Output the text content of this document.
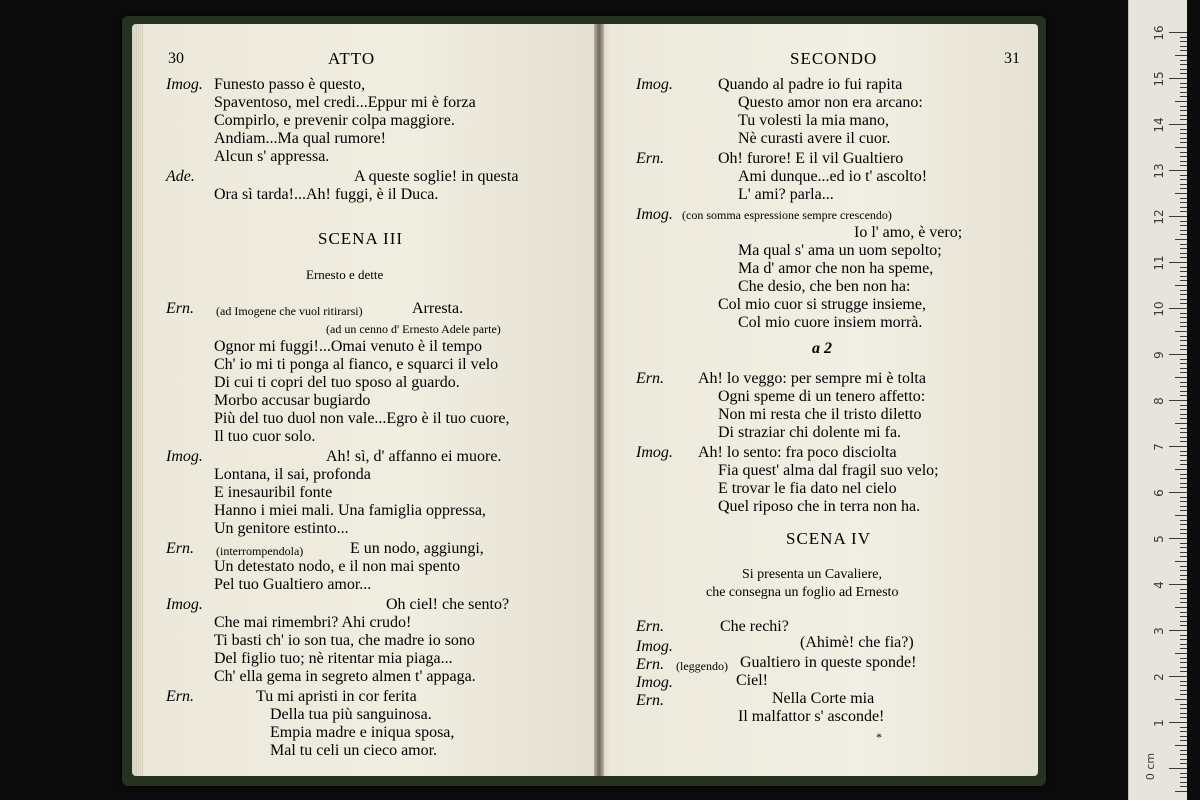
30	ATTO
Imog. Funesto passo è questo,
Spaventoso, mel credi...Eppur mi è forza
Compirlo, e prevenir colpa maggiore.
Andiam...Ma qual rumore!
Alcun s' appressa.
Ade.	A queste soglie! in questa
Ora sì tarda!...Ah! fuggi, è il Duca.
SCENA III
Ernesto e dette
Ern. (ad Imogene che vuol ritirarsi)	Arresta.
(ad un cenno d' Ernesto Adele parte)
Ognor mi fuggi!...Omai venuto è il tempo
Ch' io mi ti ponga al fianco, e squarci il velo
Di cui ti copri del tuo sposo al guardo.
Morbo accusar bugiardo
Più del tuo duol non vale...Egro è il tuo cuore,
Il tuo cuor solo.
Imog.	Ah! sì, d' affanno ei muore.
Lontana, il sai, profonda
E inesauribil fonte
Hanno i miei mali. Una famiglia oppressa,
Un genitore estinto...
Ern. (interrompendola)	E un nodo, aggiungi,
Un detestato nodo, e il non mai spento
Pel tuo Gualtiero amor...
Imog.	Oh ciel! che sento?
Che mai rimembri? Ahi crudo!
Ti basti ch' io son tua, che madre io sono
Del figlio tuo; nè ritentar mia piaga...
Ch' ella gema in segreto almen t' appaga.
Ern.	Tu mi apristi in cor ferita
Della tua più sanguinosa.
Empia madre e iniqua sposa,
Mal tu celi un cieco amor.
SECONDO	31
Imog.	Quando al padre io fui rapita
Questo amor non era arcano:
Tu volesti la mia mano,
Nè curasti avere il cuor.
Ern.	Oh! furore! E il vil Gualtiero
Ami dunque...ed io t' ascolto!
L' ami? parla...
Imog. (con somma espressione sempre crescendo)
Io l' amo, è vero;
Ma qual s' ama un uom sepolto;
Ma d' amor che non ha speme,
Che desio, che ben non ha:
Col mio cuor si strugge insieme,
Col mio cuore insiem morrà.
a 2
Ern. Ah! lo veggo: per sempre mi è tolta
Ogni speme di un tenero affetto:
Non mi resta che il tristo diletto
Di straziar chi dolente mi fa.
Imog. Ah! lo sento: fra poco disciolta
Fia quest' alma dal fragil suo velo;
E trovar le fia dato nel cielo
Quel riposo che in terra non ha.
SCENA IV
Si presenta un Cavaliere,
che consegna un foglio ad Ernesto
Ern.	Che rechi?
Imog.	(Ahimè! che fia?)
Ern. (leggendo) Gualtiero in queste sponde!
Imog.	Ciel!
Ern.	Nella Corte mia
Il malfattor s' asconde!
*
16
15
14
13
12
11
10
9
8
7
6
5
4
3
2
1
0 cm
